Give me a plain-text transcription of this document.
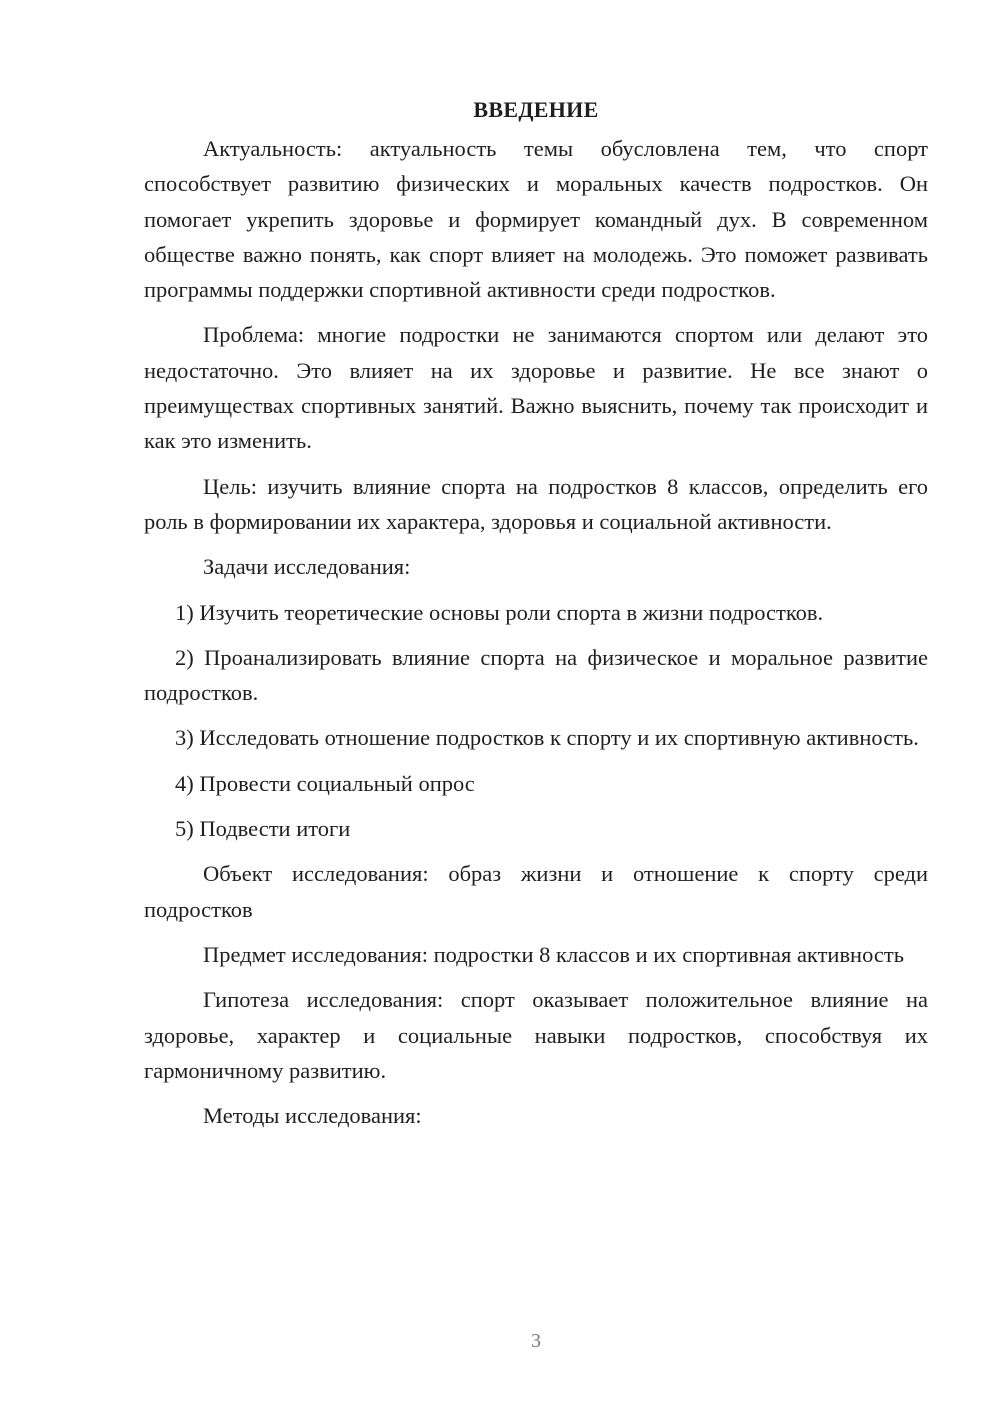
ВВЕДЕНИЕ

Актуальность: актуальность темы обусловлена тем, что спорт способствует развитию физических и моральных качеств подростков. Он помогает укрепить здоровье и формирует командный дух. В современном обществе важно понять, как спорт влияет на молодежь. Это поможет развивать программы поддержки спортивной активности среди подростков.

Проблема: многие подростки не занимаются спортом или делают это недостаточно. Это влияет на их здоровье и развитие. Не все знают о преимуществах спортивных занятий. Важно выяснить, почему так происходит и как это изменить.

Цель: изучить влияние спорта на подростков 8 классов, определить его роль в формировании их характера, здоровья и социальной активности.

Задачи исследования:

1) Изучить теоретические основы роли спорта в жизни подростков.

2) Проанализировать влияние спорта на физическое и моральное развитие подростков.

3) Исследовать отношение подростков к спорту и их спортивную активность.

4) Провести социальный опрос

5) Подвести итоги

Объект исследования: образ жизни и отношение к спорту среди подростков

Предмет исследования: подростки 8 классов и их спортивная активность

Гипотеза исследования: спорт оказывает положительное влияние на здоровье, характер и социальные навыки подростков, способствуя их гармоничному развитию.

Методы исследования:

3
